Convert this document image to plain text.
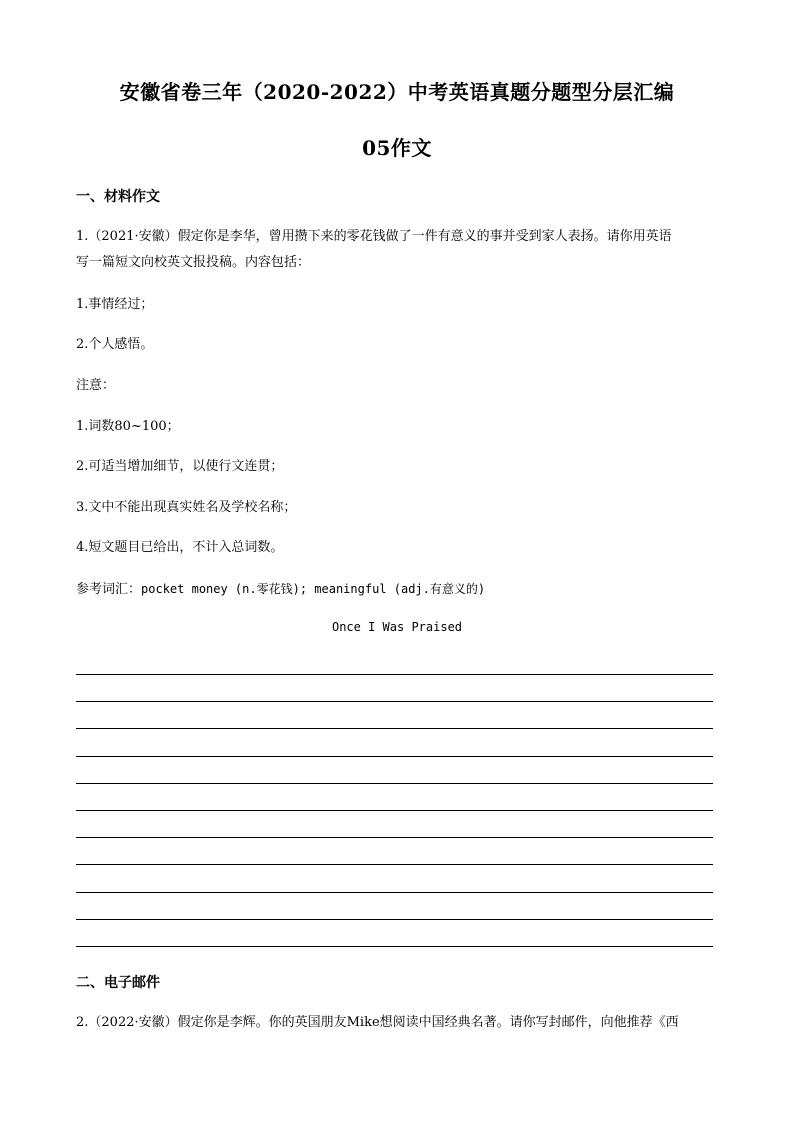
安徽省卷三年（2020-2022）中考英语真题分题型分层汇编
05作文
一、材料作文
1.（2021·安徽）假定你是李华，曾用攒下来的零花钱做了一件有意义的事并受到家人表扬。请你用英语
写一篇短文向校英文报投稿。内容包括：
1.事情经过；
2.个人感悟。
注意：
1.词数80~100；
2.可适当增加细节，以使行文连贯；
3.文中不能出现真实姓名及学校名称；
4.短文题目已给出，不计入总词数。
参考词汇：pocket money (n.零花钱); meaningful (adj.有意义的)
Once I Was Praised
二、电子邮件
2.（2022·安徽）假定你是李辉。你的英国朋友Mike想阅读中国经典名著。请你写封邮件，向他推荐《西
